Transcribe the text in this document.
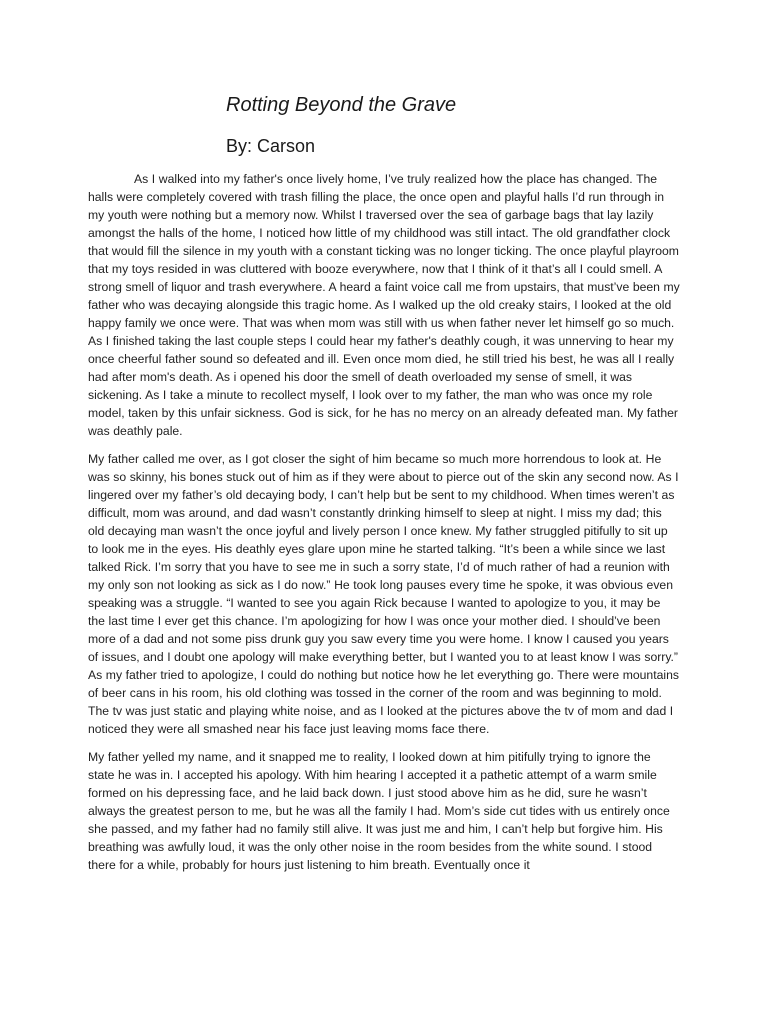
Rotting Beyond the Grave
By: Carson

As I walked into my father's once lively home, I’ve truly realized how the place has changed. The halls were completely covered with trash filling the place, the once open and playful halls I’d run through in my youth were nothing but a memory now. Whilst I traversed over the sea of garbage bags that lay lazily amongst the halls of the home, I noticed how little of my childhood was still intact. The old grandfather clock that would fill the silence in my youth with a constant ticking was no longer ticking. The once playful playroom that my toys resided in was cluttered with booze everywhere, now that I think of it that’s all I could smell. A strong smell of liquor and trash everywhere. A heard a faint voice call me from upstairs, that must’ve been my father who was decaying alongside this tragic home. As I walked up the old creaky stairs, I looked at the old happy family we once were. That was when mom was still with us when father never let himself go so much. As I finished taking the last couple steps I could hear my father's deathly cough, it was unnerving to hear my once cheerful father sound so defeated and ill. Even once mom died, he still tried his best, he was all I really had after mom's death. As i opened his door the smell of death overloaded my sense of smell, it was sickening. As I take a minute to recollect myself, I look over to my father, the man who was once my role model, taken by this unfair sickness. God is sick, for he has no mercy on an already defeated man. My father was deathly pale.

My father called me over, as I got closer the sight of him became so much more horrendous to look at. He was so skinny, his bones stuck out of him as if they were about to pierce out of the skin any second now. As I lingered over my father’s old decaying body, I can’t help but be sent to my childhood. When times weren’t as difficult, mom was around, and dad wasn’t constantly drinking himself to sleep at night. I miss my dad; this old decaying man wasn’t the once joyful and lively person I once knew. My father struggled pitifully to sit up to look me in the eyes. His deathly eyes glare upon mine he started talking. “It’s been a while since we last talked Rick. I’m sorry that you have to see me in such a sorry state, I’d of much rather of had a reunion with my only son not looking as sick as I do now.” He took long pauses every time he spoke, it was obvious even speaking was a struggle. “I wanted to see you again Rick because I wanted to apologize to you, it may be the last time I ever get this chance. I’m apologizing for how I was once your mother died. I should’ve been more of a dad and not some piss drunk guy you saw every time you were home. I know I caused you years of issues, and I doubt one apology will make everything better, but I wanted you to at least know I was sorry.” As my father tried to apologize, I could do nothing but notice how he let everything go. There were mountains of beer cans in his room, his old clothing was tossed in the corner of the room and was beginning to mold. The tv was just static and playing white noise, and as I looked at the pictures above the tv of mom and dad I noticed they were all smashed near his face just leaving moms face there.

My father yelled my name, and it snapped me to reality, I looked down at him pitifully trying to ignore the state he was in. I accepted his apology. With him hearing I accepted it a pathetic attempt of a warm smile formed on his depressing face, and he laid back down. I just stood above him as he did, sure he wasn’t always the greatest person to me, but he was all the family I had. Mom’s side cut tides with us entirely once she passed, and my father had no family still alive. It was just me and him, I can’t help but forgive him. His breathing was awfully loud, it was the only other noise in the room besides from the white sound. I stood there for a while, probably for hours just listening to him breath. Eventually once it
